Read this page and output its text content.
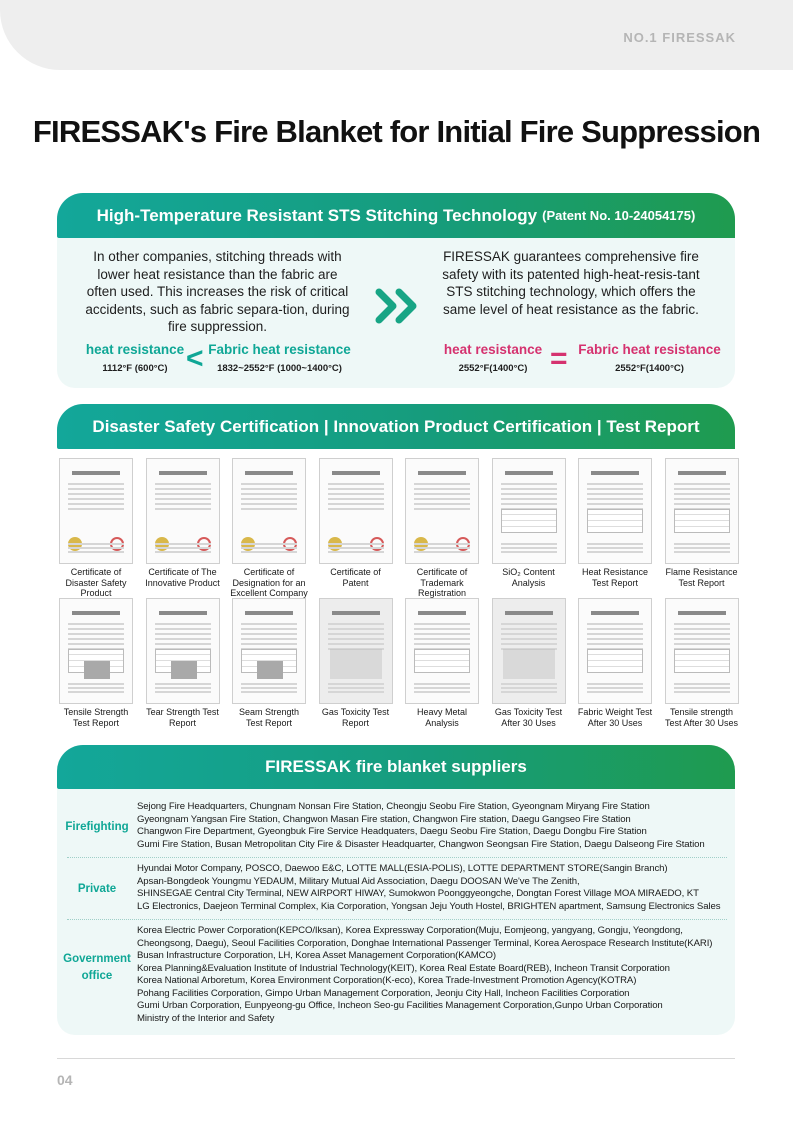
NO.1 FIRESSAK
FIRESSAK's Fire Blanket for Initial Fire Suppression
High-Temperature Resistant STS Stitching Technology (Patent No. 10-24054175)
In other companies, stitching threads with lower heat resistance than the fabric are often used. This increases the risk of critical accidents, such as fabric separa-tion, during fire suppression.
FIRESSAK guarantees comprehensive fire safety with its patented high-heat-resis-tant STS stitching technology, which offers the same level of heat resistance as the fabric.
heat resistance
1112°F (600°C) < Fabric heat resistance
1832~2552°F (1000~1400°C)
heat resistance
2552°F(1400°C) = Fabric heat resistance
2552°F(1400°C)
Disaster Safety Certification | Innovation Product Certification | Test Report
Certificate of Disaster Safety Product
Certificate of The Innovative Product
Certificate of Designation for an Excellent Company
Certificate of Patent
Certificate of Trademark Registration
SiO₂ Content Analysis
Heat Resistance Test Report
Flame Resistance Test Report
Tensile Strength Test Report
Tear Strength Test Report
Seam Strength Test Report
Gas Toxicity Test Report
Heavy Metal Analysis
Gas Toxicity Test After 30 Uses
Fabric Weight Test After 30 Uses
Tensile strength Test After 30 Uses
FIRESSAK fire blanket suppliers
Firefighting
Sejong Fire Headquarters, Chungnam Nonsan Fire Station, Cheongju Seobu Fire Station, Gyeongnam Miryang Fire Station
Gyeongnam Yangsan Fire Station, Changwon Masan Fire station, Changwon Fire station, Daegu Gangseo Fire Station
Changwon Fire Department, Gyeongbuk Fire Service Headquaters, Daegu Seobu Fire Station, Daegu Dongbu Fire Station
Gumi Fire Station, Busan Metropolitan City Fire & Disaster Headquarter, Changwon Seongsan Fire Station, Daegu Dalseong Fire Station
Private
Hyundai Motor Company, POSCO, Daewoo E&C, LOTTE MALL(ESIA-POLIS), LOTTE DEPARTMENT STORE(Sangin Branch)
Apsan-Bongdeok Youngmu YEDAUM, Military Mutual Aid Association, Daegu DOOSAN We've The Zenith,
SHINSEGAE Central City Terminal, NEW AIRPORT HIWAY, Sumokwon Poonggyeongche, Dongtan Forest Village MOA MIRAEDO, KT
LG Electronics, Daejeon Terminal Complex, Kia Corporation, Yongsan Jeju Youth Hostel, BRIGHTEN apartment, Samsung Electronics Sales
Government office
Korea Electric Power Corporation(KEPCO/Iksan), Korea Expressway Corporation(Muju, Eomjeong, yangyang, Gongju, Yeongdong,
Cheongsong, Daegu), Seoul Facilities Corporation, Donghae International Passenger Terminal, Korea Aerospace Research Institute(KARI)
Busan Infrastructure Corporation, LH, Korea Asset Management Corporation(KAMCO)
Korea Planning&Evaluation Institute of Industrial Technology(KEIT), Korea Real Estate Board(REB), Incheon Transit Corporation
Korea National Arboretum, Korea Environment Corporation(K-eco), Korea Trade-Investment Promotion Agency(KOTRA)
Pohang Facilities Corporation, Gimpo Urban Management Corporation, Jeonju City Hall, Incheon Facilities Corporation
Gumi Urban Corporation, Eunpyeong-gu Office, Incheon Seo-gu Facilities Management Corporation,Gunpo Urban Corporation
Ministry of the Interior and Safety
04
